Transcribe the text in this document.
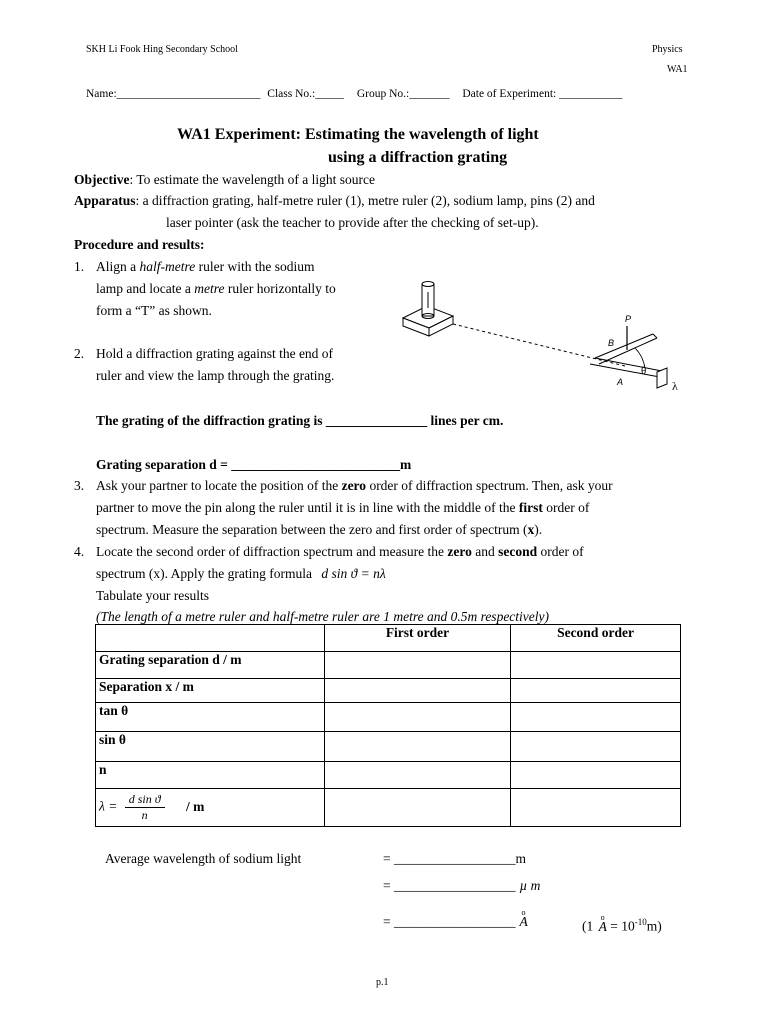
SKH Li Fook Hing Secondary School	Physics
WA1
Name:_________________________ Class No.:_____ Group No.:_______ Date of Experiment: ___________
WA1 Experiment: Estimating the wavelength of light
using a diffraction grating
Objective: To estimate the wavelength of a light source
Apparatus: a diffraction grating, half-metre ruler (1), metre ruler (2), sodium lamp, pins (2) and
laser pointer (ask the teacher to provide after the checking of set-up).
Procedure and results:
1. Align a half-metre ruler with the sodium
lamp and locate a metre ruler horizontally to
form a “T” as shown.
2. Hold a diffraction grating against the end of
ruler and view the lamp through the grating.
P
B
A
θ
λ
The grating of the diffraction grating is _______________ lines per cm.
Grating separation d = _________________________m
3. Ask your partner to locate the position of the zero order of diffraction spectrum. Then, ask your
partner to move the pin along the ruler until it is in line with the middle of the first order of
spectrum. Measure the separation between the zero and first order of spectrum (x).
4. Locate the second order of diffraction spectrum and measure the zero and second order of
spectrum (x). Apply the grating formula d sin ϑ = nλ
Tabulate your results
(The length of a metre ruler and half-metre ruler are 1 metre and 0.5m respectively)
	First order	Second order
Grating separation d / m		
Separation x / m		
tan θ		
sin θ		
n		
$\lambda = \frac{\text{d sin ϑ}}{n} / m$		
Average wavelength of sodium light	= __________________m
= __________________ µ m
= __________________ o A	(1 o $A = 10^{-10}m$)
p.1
